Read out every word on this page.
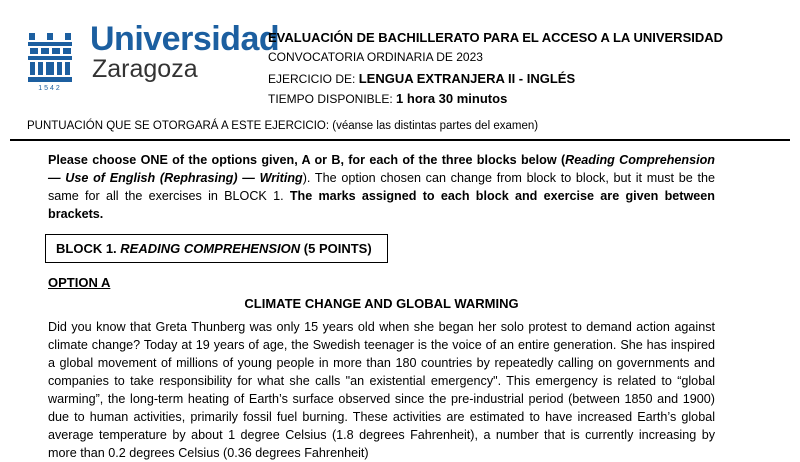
1542
Universidad
Zaragoza
EVALUACIÓN DE BACHILLERATO PARA EL ACCESO A LA UNIVERSIDAD
CONVOCATORIA ORDINARIA DE 2023
EJERCICIO DE: LENGUA EXTRANJERA II - INGLÉS
TIEMPO DISPONIBLE: 1 hora 30 minutos
PUNTUACIÓN QUE SE OTORGARÁ A ESTE EJERCICIO: (véanse las distintas partes del examen)
Please choose ONE of the options given, A or B, for each of the three blocks below (Reading Comprehension — Use of English (Rephrasing) — Writing). The option chosen can change from block to block, but it must be the same for all the exercises in BLOCK 1. The marks assigned to each block and exercise are given between brackets.
BLOCK 1. READING COMPREHENSION (5 POINTS)
OPTION A
CLIMATE CHANGE AND GLOBAL WARMING
Did you know that Greta Thunberg was only 15 years old when she began her solo protest to demand action against climate change? Today at 19 years of age, the Swedish teenager is the voice of an entire generation. She has inspired a global movement of millions of young people in more than 180 countries by repeatedly calling on governments and companies to take responsibility for what she calls "an existential emergency". This emergency is related to “global warming”, the long-term heating of Earth’s surface observed since the pre-industrial period (between 1850 and 1900) due to human activities, primarily fossil fuel burning. These activities are estimated to have increased Earth’s global average temperature by about 1 degree Celsius (1.8 degrees Fahrenheit), a number that is currently increasing by more than 0.2 degrees Celsius (0.36 degrees Fahrenheit)
